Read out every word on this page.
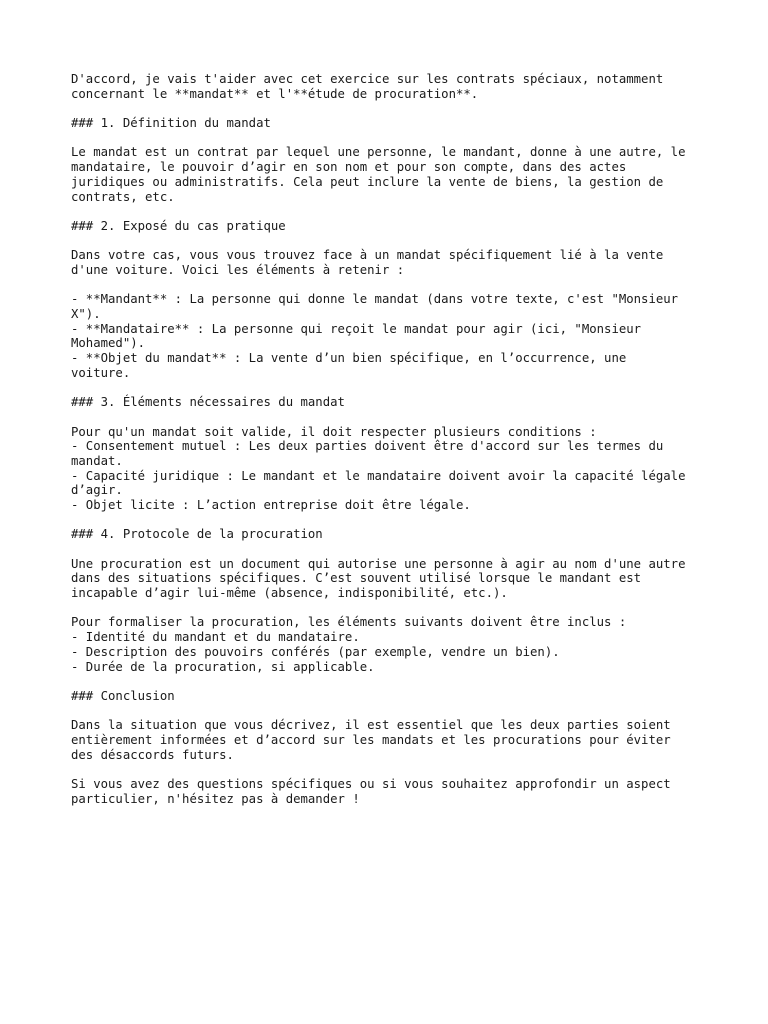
D'accord, je vais t'aider avec cet exercice sur les contrats spéciaux, notamment
concernant le **mandat** et l'**étude de procuration**.
### 1. Définition du mandat
Le mandat est un contrat par lequel une personne, le mandant, donne à une autre, le
mandataire, le pouvoir d’agir en son nom et pour son compte, dans des actes
juridiques ou administratifs. Cela peut inclure la vente de biens, la gestion de
contrats, etc.
### 2. Exposé du cas pratique
Dans votre cas, vous vous trouvez face à un mandat spécifiquement lié à la vente
d'une voiture. Voici les éléments à retenir :
- **Mandant** : La personne qui donne le mandat (dans votre texte, c'est "Monsieur
X").
- **Mandataire** : La personne qui reçoit le mandat pour agir (ici, "Monsieur
Mohamed").
- **Objet du mandat** : La vente d’un bien spécifique, en l’occurrence, une
voiture.
### 3. Éléments nécessaires du mandat
Pour qu'un mandat soit valide, il doit respecter plusieurs conditions :
- Consentement mutuel : Les deux parties doivent être d'accord sur les termes du
mandat.
- Capacité juridique : Le mandant et le mandataire doivent avoir la capacité légale
d’agir.
- Objet licite : L’action entreprise doit être légale.
### 4. Protocole de la procuration
Une procuration est un document qui autorise une personne à agir au nom d'une autre
dans des situations spécifiques. C’est souvent utilisé lorsque le mandant est
incapable d’agir lui-même (absence, indisponibilité, etc.).
Pour formaliser la procuration, les éléments suivants doivent être inclus :
- Identité du mandant et du mandataire.
- Description des pouvoirs conférés (par exemple, vendre un bien).
- Durée de la procuration, si applicable.
### Conclusion
Dans la situation que vous décrivez, il est essentiel que les deux parties soient
entièrement informées et d’accord sur les mandats et les procurations pour éviter
des désaccords futurs.
Si vous avez des questions spécifiques ou si vous souhaitez approfondir un aspect
particulier, n'hésitez pas à demander !
